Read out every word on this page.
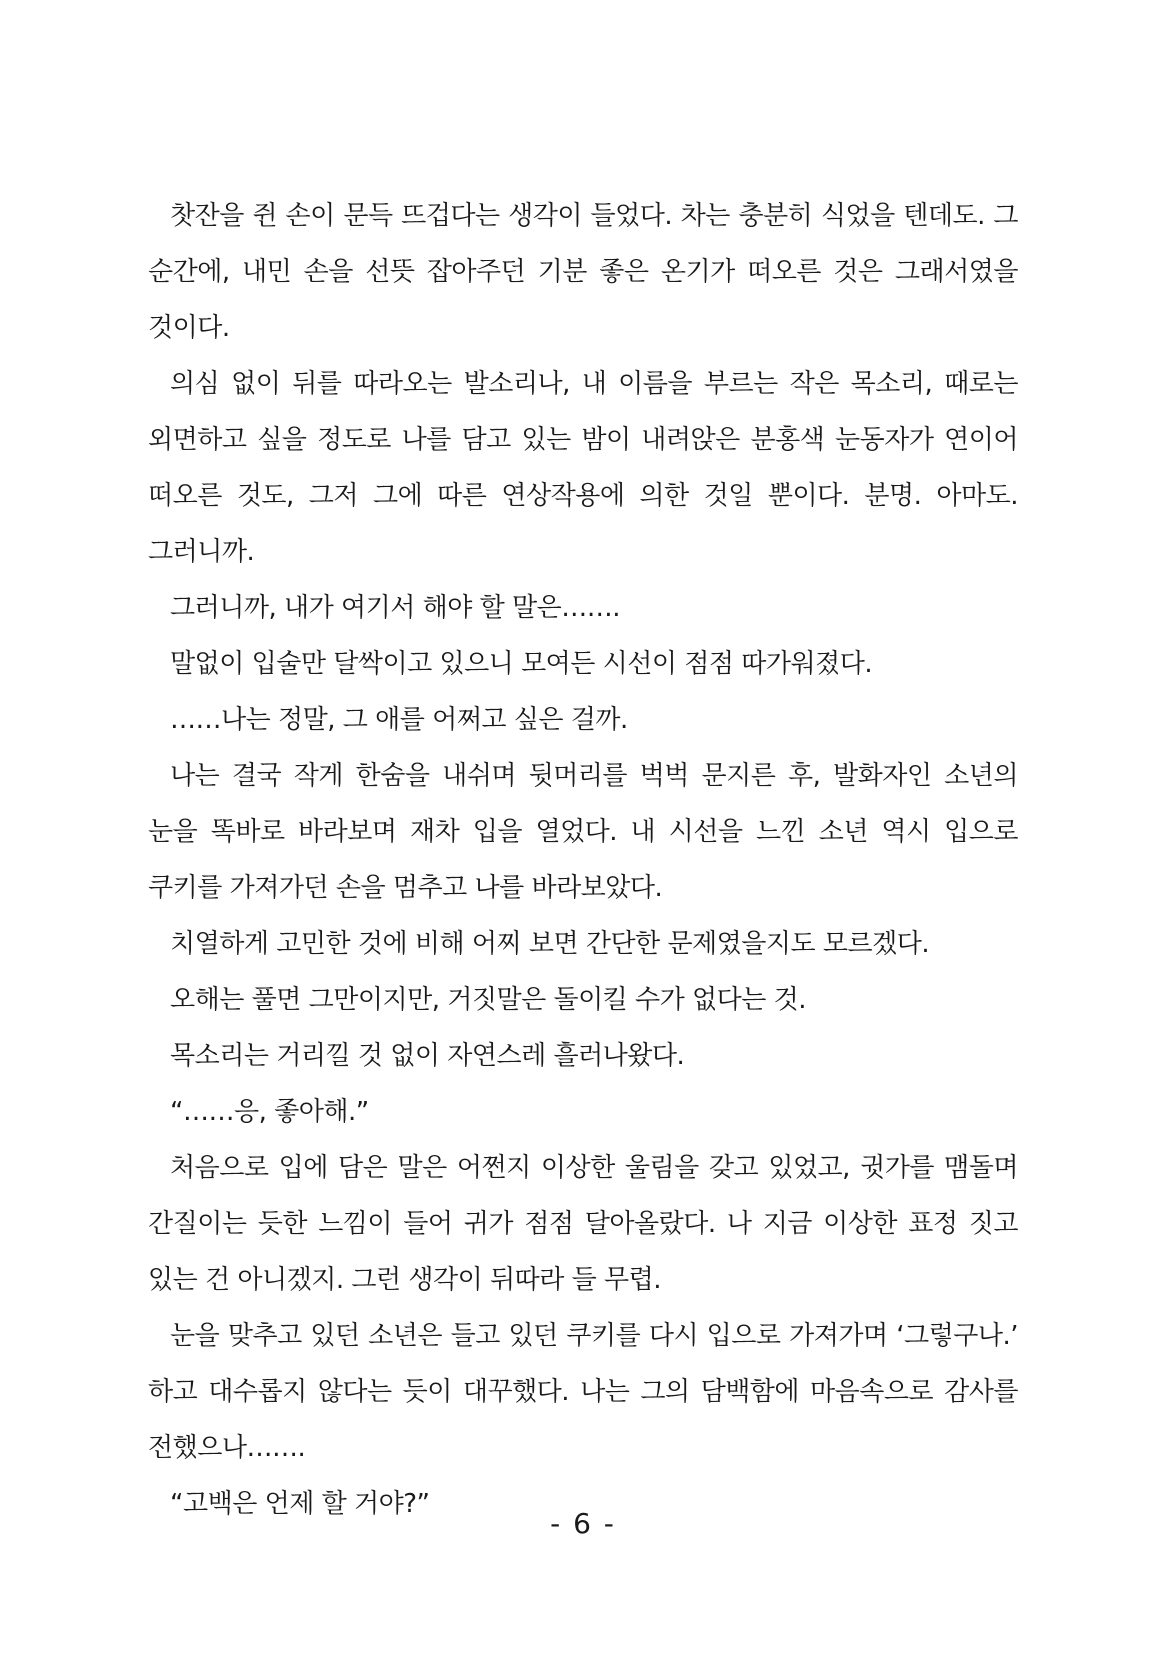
찻잔을 쥔 손이 문득 뜨겁다는 생각이 들었다. 차는 충분히 식었을 텐데도. 그 순간에, 내민 손을 선뜻 잡아주던 기분 좋은 온기가 떠오른 것은 그래서였을 것이다.

의심 없이 뒤를 따라오는 발소리나, 내 이름을 부르는 작은 목소리, 때로는 외면하고 싶을 정도로 나를 담고 있는 밤이 내려앉은 분홍색 눈동자가 연이어 떠오른 것도, 그저 그에 따른 연상작용에 의한 것일 뿐이다. 분명. 아마도. 그러니까.

그러니까, 내가 여기서 해야 할 말은…….

말없이 입술만 달싹이고 있으니 모여든 시선이 점점 따가워졌다.

……나는 정말, 그 애를 어쩌고 싶은 걸까.

나는 결국 작게 한숨을 내쉬며 뒷머리를 벅벅 문지른 후, 발화자인 소년의 눈을 똑바로 바라보며 재차 입을 열었다. 내 시선을 느낀 소년 역시 입으로 쿠키를 가져가던 손을 멈추고 나를 바라보았다.

치열하게 고민한 것에 비해 어찌 보면 간단한 문제였을지도 모르겠다.

오해는 풀면 그만이지만, 거짓말은 돌이킬 수가 없다는 것.

목소리는 거리낄 것 없이 자연스레 흘러나왔다.

“……응, 좋아해.”

처음으로 입에 담은 말은 어쩐지 이상한 울림을 갖고 있었고, 귓가를 맴돌며 간질이는 듯한 느낌이 들어 귀가 점점 달아올랐다. 나 지금 이상한 표정 짓고 있는 건 아니겠지. 그런 생각이 뒤따라 들 무렵.

눈을 맞추고 있던 소년은 들고 있던 쿠키를 다시 입으로 가져가며 ‘그렇구나.’ 하고 대수롭지 않다는 듯이 대꾸했다. 나는 그의 담백함에 마음속으로 감사를 전했으나…….

“고백은 언제 할 거야?”

- 6 -
